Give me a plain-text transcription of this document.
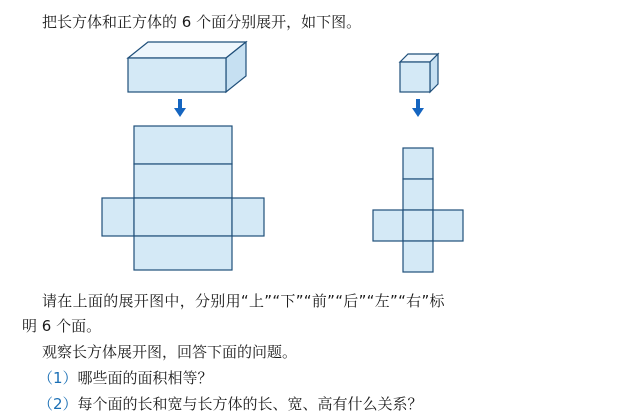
把长方体和正方体的 6 个面分别展开，如下图。
请在上面的展开图中，分别用“上”“下”“前”“后”“左”“右”标
明 6 个面。
观察长方体展开图，回答下面的问题。
（1）哪些面的面积相等？
（2）每个面的长和宽与长方体的长、宽、高有什么关系？
